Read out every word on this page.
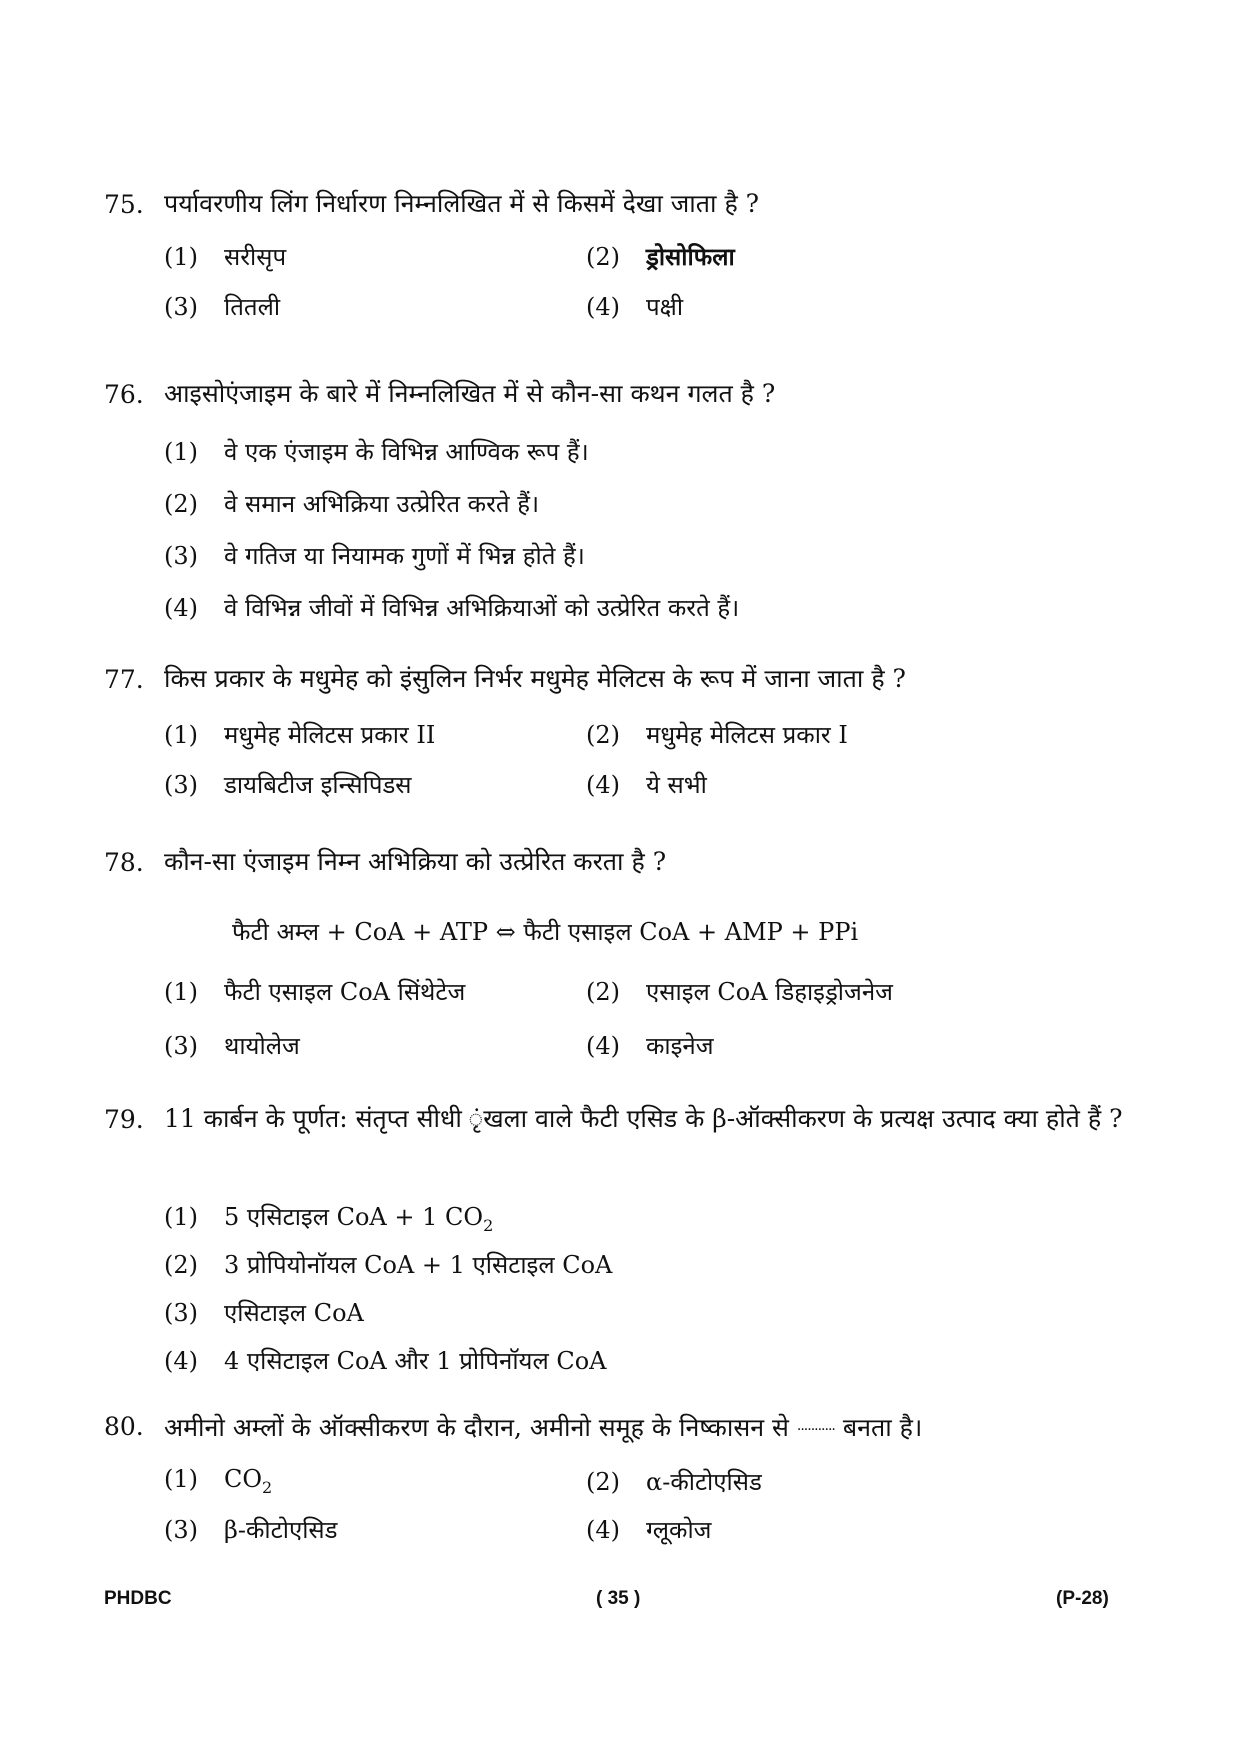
75. पर्यावरणीय लिंग निर्धारण निम्नलिखित में से किसमें देखा जाता है ?
(1) सरीसृप	(2) ड्रोसोफिला
(3) तितली	(4) पक्षी
76. आइसोएंजाइम के बारे में निम्नलिखित में से कौन-सा कथन गलत है ?
(1) वे एक एंजाइम के विभिन्न आण्विक रूप हैं।
(2) वे समान अभिक्रिया उत्प्रेरित करते हैं।
(3) वे गतिज या नियामक गुणों में भिन्न होते हैं।
(4) वे विभिन्न जीवों में विभिन्न अभिक्रियाओं को उत्प्रेरित करते हैं।
77. किस प्रकार के मधुमेह को इंसुलिन निर्भर मधुमेह मेलिटस के रूप में जाना जाता है ?
(1) मधुमेह मेलिटस प्रकार II	(2) मधुमेह मेलिटस प्रकार I
(3) डायबिटीज इन्सिपिडस	(4) ये सभी
78. कौन-सा एंजाइम निम्न अभिक्रिया को उत्प्रेरित करता है ?
फैटी अम्ल + CoA + ATP ⇔ फैटी एसाइल CoA + AMP + PPi
(1) फैटी एसाइल CoA सिंथेटेज	(2) एसाइल CoA डिहाइड्रोजनेज
(3) थायोलेज	(4) काइनेज
79. 11 कार्बन के पूर्णत: संतृप्त सीधी ृंखला वाले फैटी एसिड के β-ऑक्सीकरण के प्रत्यक्ष उत्पाद क्या होते हैं ?
(1) 5 एसिटाइल CoA + 1 $CO_2$
(2) 3 प्रोपियोनॉयल CoA + 1 एसिटाइल CoA
(3) एसिटाइल CoA
(4) 4 एसिटाइल CoA और 1 प्रोपिनॉयल CoA
80. अमीनो अम्लों के ऑक्सीकरण के दौरान, अमीनो समूह के निष्कासन से ........... बनता है।
(1) $CO_2$	(2) α-कीटोएसिड
(3) β-कीटोएसिड	(4) ग्लूकोज
PHDBC	( 35 )	(P-28)
